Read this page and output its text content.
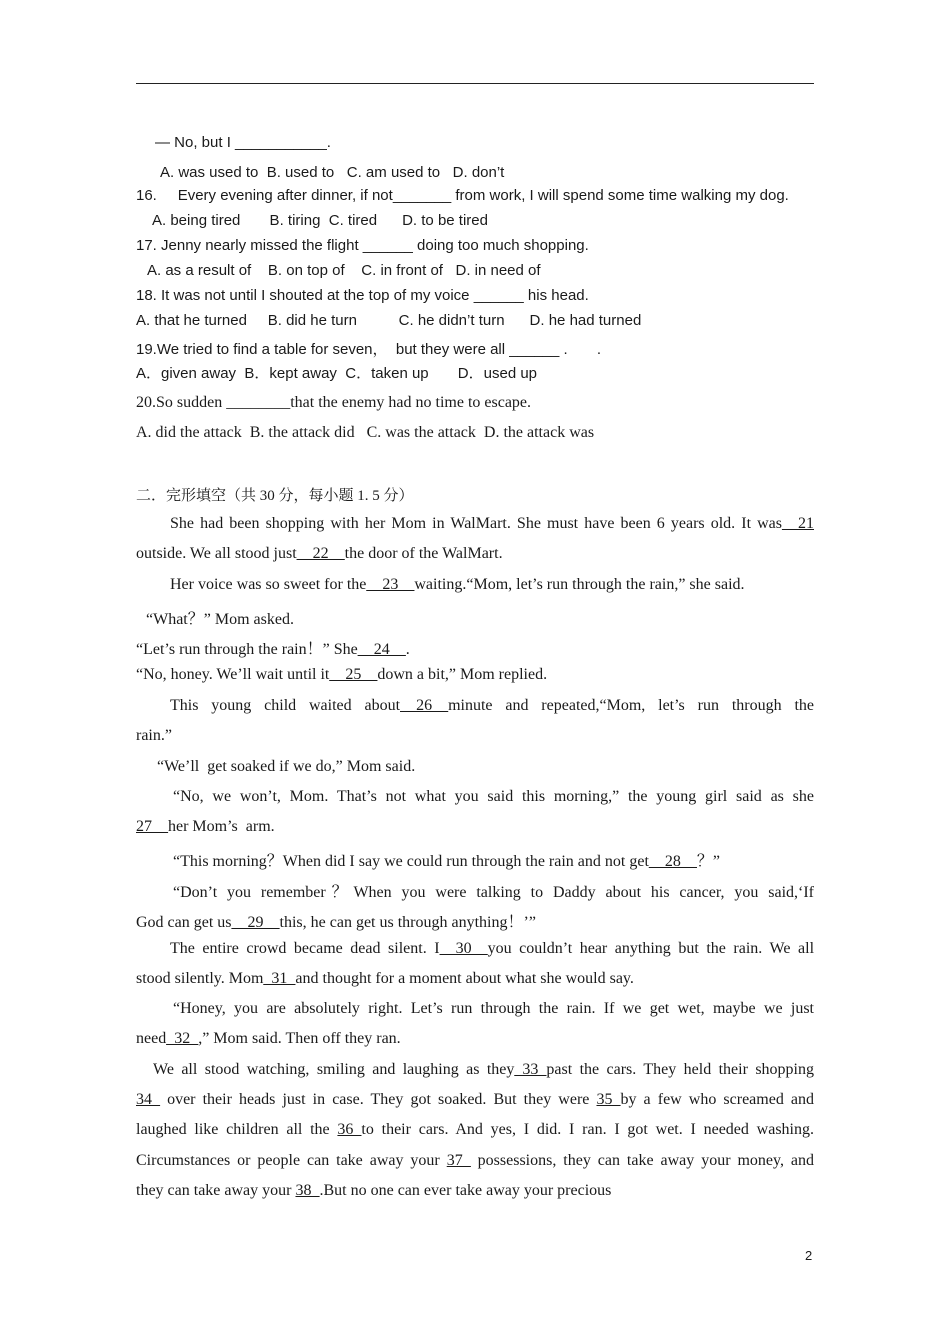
— No, but I ___________.
A. was used to  B. used to   C. am used to   D. don’t
16.     Every evening after dinner, if not_______ from work, I will spend some time walking my dog.
A. being tired       B. tiring  C. tired      D. to be tired
17. Jenny nearly missed the flight ______ doing too much shopping.
A. as a result of    B. on top of    C. in front of   D. in need of
18. It was not until I shouted at the top of my voice ______ his head.
A. that he turned     B. did he turn          C. he didn’t turn      D. he had turned
19.We tried to find a table for seven，  but they were all ______ .       .
A．given away  B．kept away  C．taken up       D．used up
20.So sudden ________that the enemy had no time to escape.
A. did the attack  B. the attack did   C. was the attack  D. the attack was
二．完形填空（共 30 分，每小题 1. 5 分）
She had been shopping with her Mom in WalMart. She must have been 6 years old. It was__21
outside. We all stood just__22__the door of the WalMart.
Her voice was so sweet for the__23__waiting.“Mom, let’s run through the rain,” she said.
“What？” Mom asked.
“Let’s run through the rain！” She__24__.
“No, honey. We’ll wait until it__25__down a bit,” Mom replied.
This young child waited about__26__minute and repeated,“Mom, let’s run through the
rain.”
“We’ll  get soaked if we do,” Mom said.
“No, we won’t, Mom. That’s not what you said this morning,” the young girl said as she
27__her Mom’s  arm.
“This morning？When did I say we could run through the rain and not get__28__？”
“Don’t you remember？When you were talking to Daddy about his cancer, you said,‘If
God can get us__29__this, he can get us through anything！’”
The entire crowd became dead silent. I__30__you couldn’t hear anything but the rain. We all
stood silently. Mom_31_and thought for a moment about what she would say.
“Honey, you are absolutely right. Let’s run through the rain. If we get wet, maybe we just
need_32_,” Mom said. Then off they ran.
We all stood watching, smiling and laughing as they_33_past the cars. They held their shopping
34_ over their heads just in case. They got soaked. But they were 35_by a few who screamed and
laughed like children all the 36_to their cars. And yes, I did. I ran. I got wet. I needed washing.
Circumstances or people can take away your 37_ possessions, they can take away your money, and
they can take away your 38_.But no one can ever take away your precious
2
